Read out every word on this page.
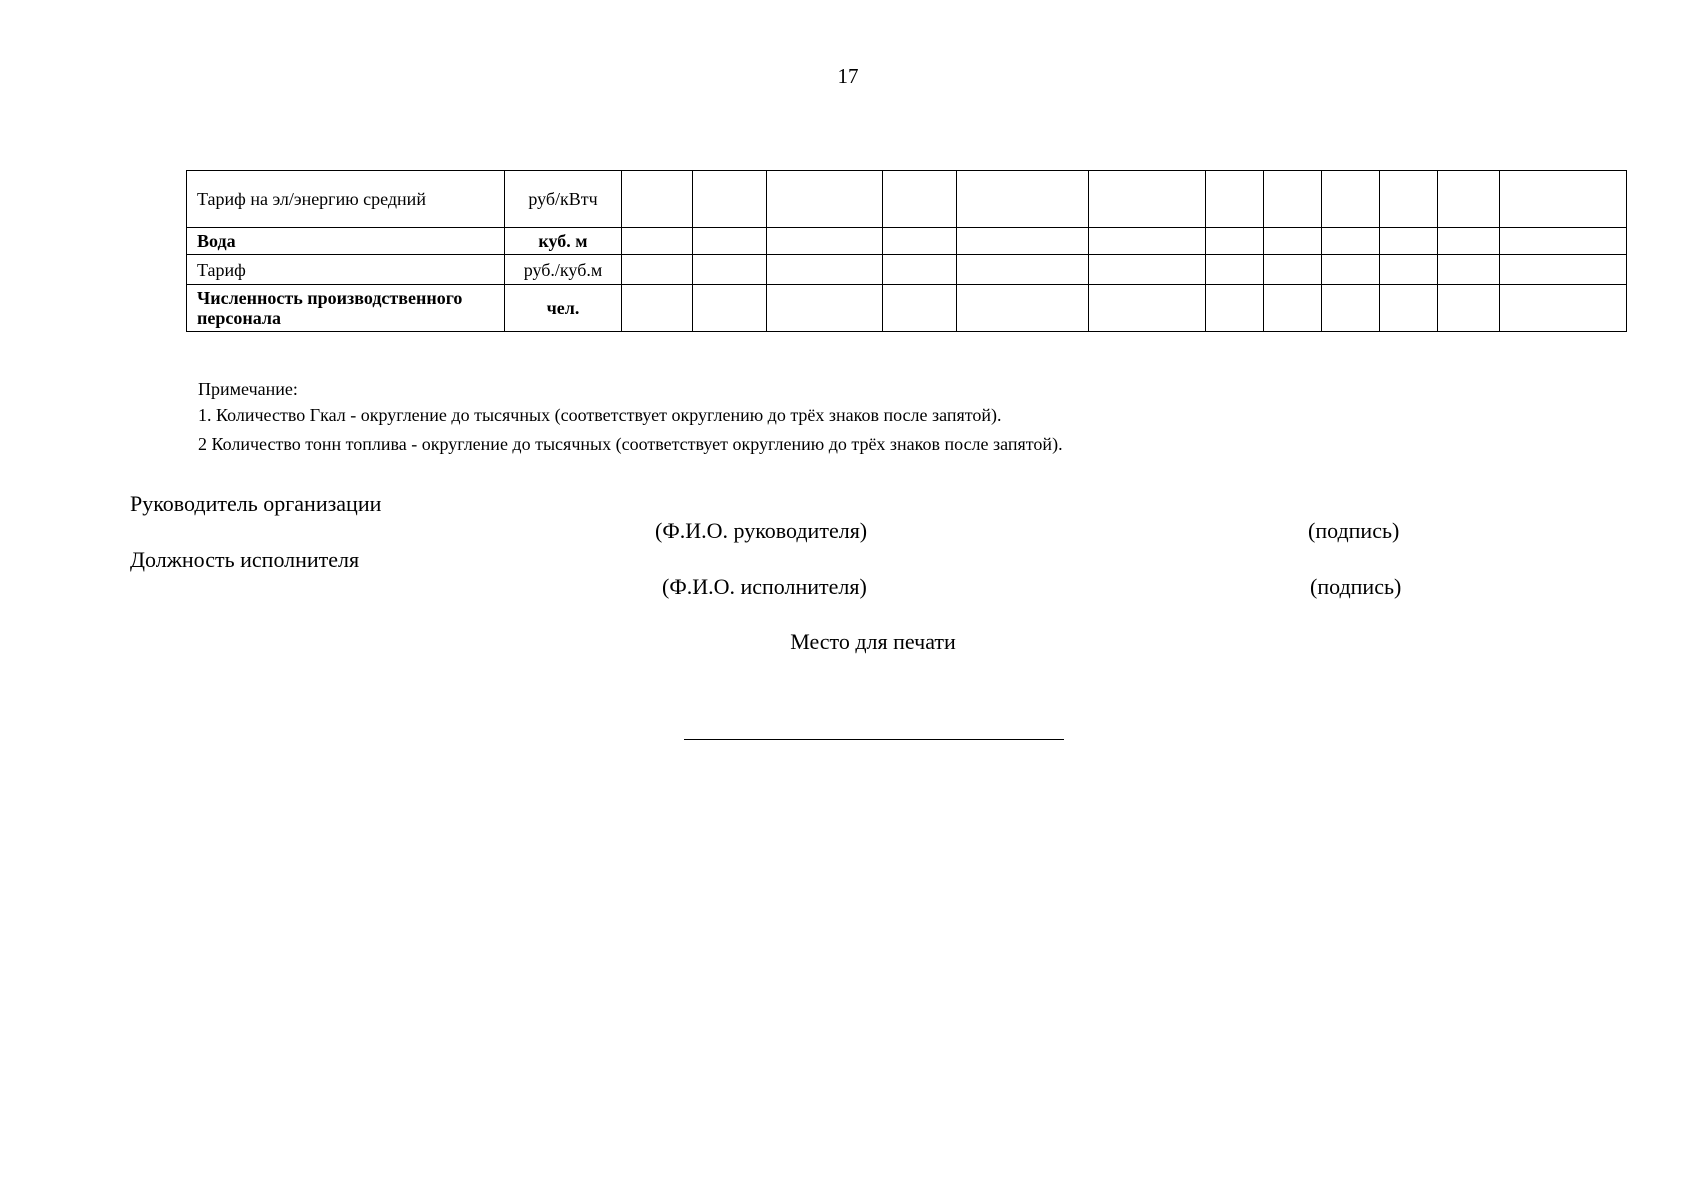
17
Тариф на эл/энергию средний	руб/кВтч												
Вода	куб. м												
Тариф	руб./куб.м												
Численность производственного персонала	чел.												
Примечание:
1. Количество Гкал - округление до тысячных (соответствует округлению до трёх знаков после запятой).
2 Количество тонн топлива - округление до тысячных (соответствует округлению до трёх знаков после запятой).
Руководитель организации
(Ф.И.О. руководителя)	(подпись)
Должность исполнителя
(Ф.И.О. исполнителя)	(подпись)
Место для печати
